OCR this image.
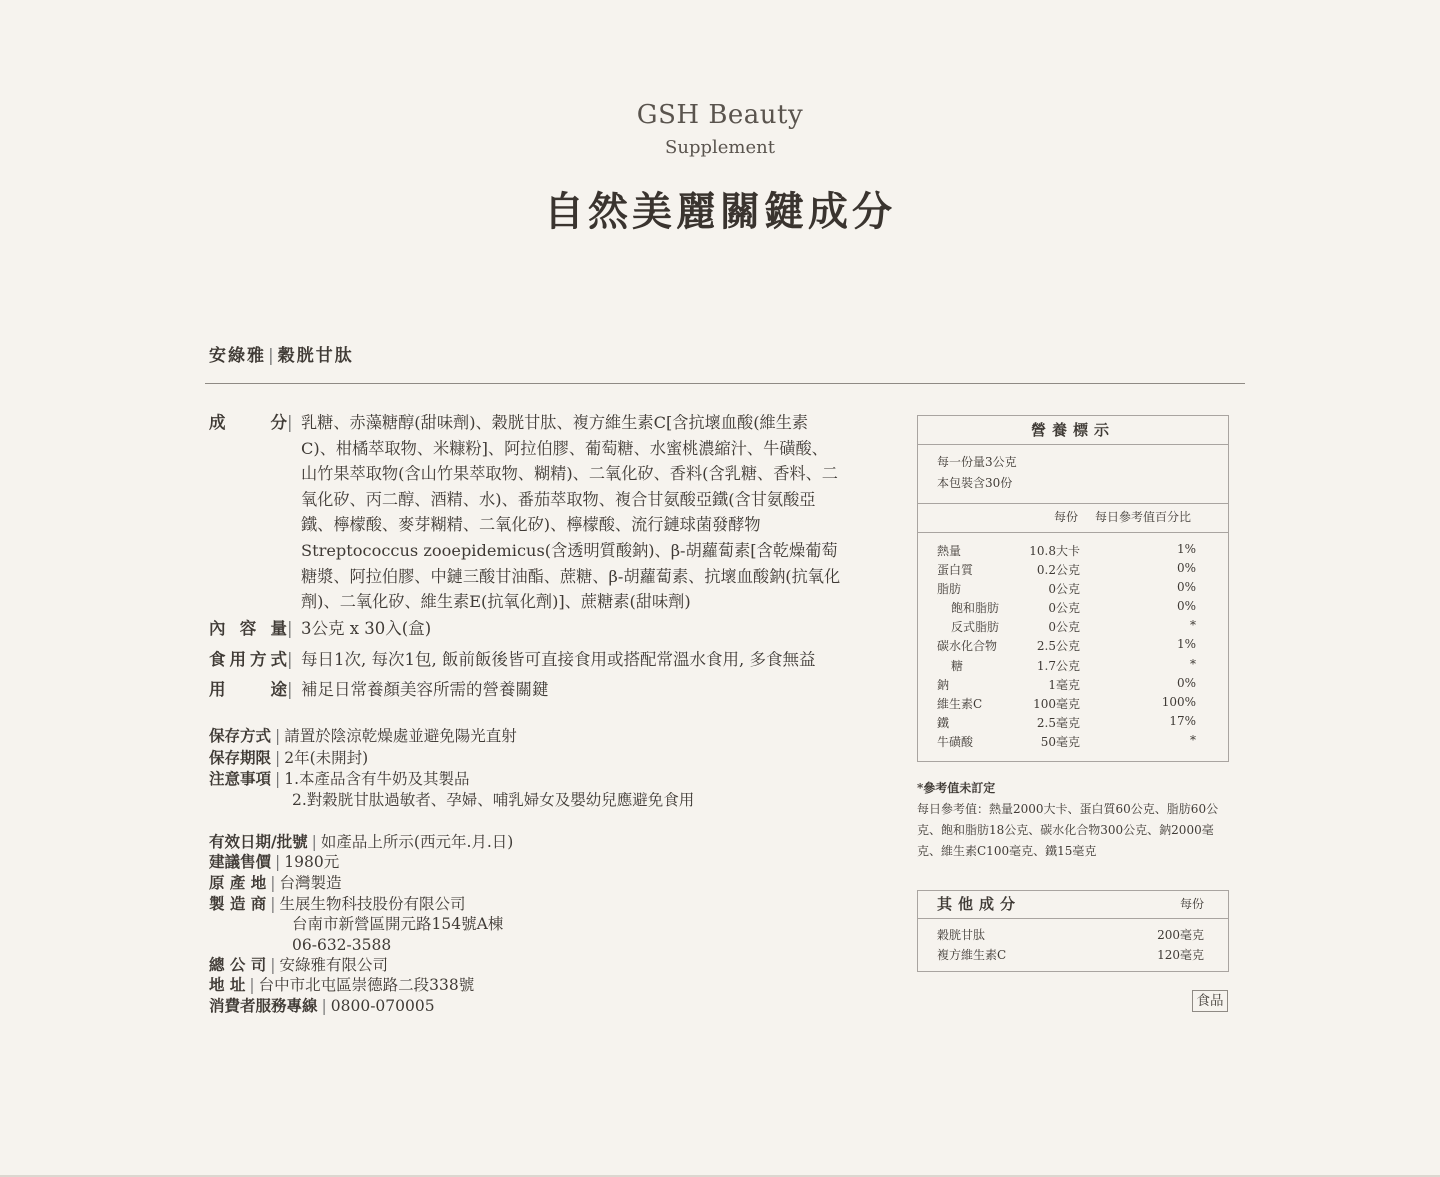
GSH Beauty
Supplement
自然美麗關鍵成分
安綠雅 | 穀胱甘肽
成 分 | 乳糖、赤藻糖醇(甜味劑)、穀胱甘肽、複方維生素C[含抗壞血酸(維生素C)、柑橘萃取物、米糠粉]、阿拉伯膠、葡萄糖、水蜜桃濃縮汁、牛磺酸、山竹果萃取物(含山竹果萃取物、糊精)、二氧化矽、香料(含乳糖、香料、二氧化矽、丙二醇、酒精、水)、番茄萃取物、複合甘氨酸亞鐵(含甘氨酸亞鐵、檸檬酸、麥芽糊精、二氧化矽)、檸檬酸、流行鏈球菌發酵物Streptococcus zooepidemicus(含透明質酸鈉)、β-胡蘿蔔素[含乾燥葡萄糖漿、阿拉伯膠、中鏈三酸甘油酯、蔗糖、β-胡蘿蔔素、抗壞血酸鈉(抗氧化劑)、二氧化矽、維生素E(抗氧化劑)]、蔗糖素(甜味劑)
內 容 量 | 3公克 x 30入(盒)
食用方式 | 每日1次, 每次1包, 飯前飯後皆可直接食用或搭配常溫水食用, 多食無益
用 途 | 補足日常養顏美容所需的營養關鍵
保存方式 | 請置於陰涼乾燥處並避免陽光直射
保存期限 | 2年(未開封)
注意事項 | 1.本產品含有牛奶及其製品
2.對穀胱甘肽過敏者、孕婦、哺乳婦女及嬰幼兒應避免食用
有效日期/批號 | 如產品上所示(西元年.月.日)
建議售價 | 1980元
原 產 地 | 台灣製造
製 造 商 | 生展生物科技股份有限公司
台南市新營區開元路154號A棟
06-632-3588
總 公 司 | 安綠雅有限公司
地 址 | 台中市北屯區崇德路二段338號
消費者服務專線 | 0800-070005
營養標示
每一份量3公克
本包裝含30份
每份 每日參考值百分比
熱量	10.8大卡	1%
蛋白質	0.2公克	0%
脂肪	0公克	0%
飽和脂肪	0公克	0%
反式脂肪	0公克	*
碳水化合物	2.5公克	1%
糖	1.7公克	*
鈉	1毫克	0%
維生素C	100毫克	100%
鐵	2.5毫克	17%
牛磺酸	50毫克	*
*參考值未訂定
每日參考值：熱量2000大卡、蛋白質60公克、脂肪60公
克、飽和脂肪18公克、碳水化合物300公克、鈉2000毫
克、維生素C100毫克、鐵15毫克
其他成分	每份
穀胱甘肽	200毫克
複方維生素C	120毫克
食品
